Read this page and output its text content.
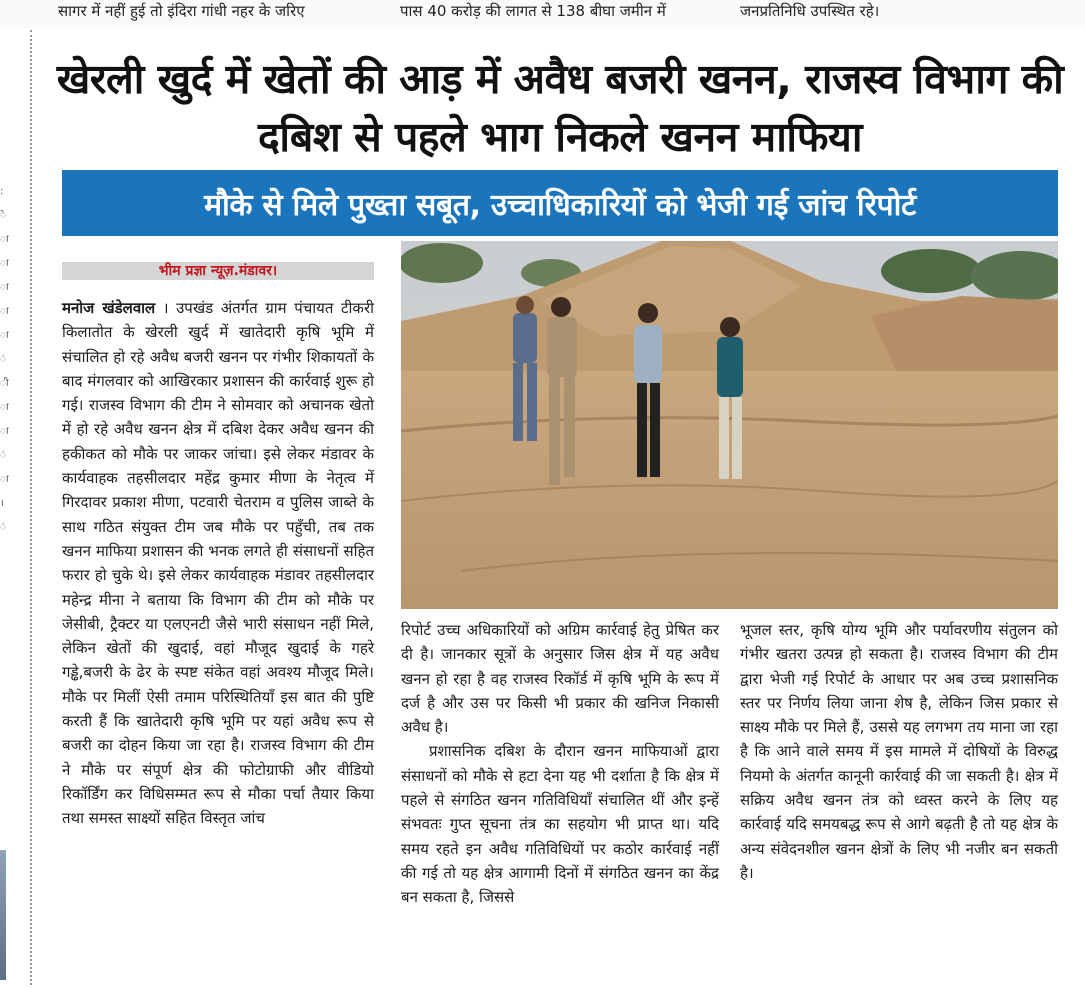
सागर में नहीं हुई तो इंदिरा गांधी नहर के जरिए	पास 40 करोड़ की लागत से 138 बीघा जमीन में	जनप्रतिनिधि उपस्थित रहे।
:
े
ा
ा
ा
ा
ा
ं
ी
ा
ा
ं
ा
।
ं
खेरली खुर्द में खेतों की आड़ में अवैध बजरी खनन, राजस्व विभाग की दबिश से पहले भाग निकले खनन माफिया
मौके से मिले पुख्ता सबूत, उच्चाधिकारियों को भेजी गई जांच रिपोर्ट
भीम प्रज्ञा न्यूज़.मंडावर।

मनोज खंडेलवाल । उपखंड अंतर्गत ग्राम पंचायत टीकरी किलातोत के खेरली खुर्द में खातेदारी कृषि भूमि में संचालित हो रहे अवैध बजरी खनन पर गंभीर शिकायतों के बाद मंगलवार को आखिरकार प्रशासन की कार्रवाई शुरू हो गई। राजस्व विभाग की टीम ने सोमवार को अचानक खेतो में हो रहे अवैध खनन क्षेत्र में दबिश देकर अवैध खनन की हकीकत को मौके पर जाकर जांचा। इसे लेकर मंडावर के कार्यवाहक तहसीलदार महेंद्र कुमार मीणा के नेतृत्व में गिरदावर प्रकाश मीणा, पटवारी चेतराम व पुलिस जाब्ते के साथ गठित संयुक्त टीम जब मौके पर पहुँची, तब तक खनन माफिया प्रशासन की भनक लगते ही संसाधनों सहित फरार हो चुके थे। इसे लेकर कार्यवाहक मंडावर तहसीलदार महेन्द्र मीना ने बताया कि विभाग की टीम को मौके पर जेसीबी, ट्रैक्टर या एलएनटी जैसे भारी संसाधन नहीं मिले, लेकिन खेतों की खुदाई, वहां मौजूद खुदाई के गहरे गड्ढे,बजरी के ढेर के स्पष्ट संकेत वहां अवश्य मौजूद मिले। मौके पर मिलीं ऐसी तमाम परिस्थितियाँ इस बात की पुष्टि करती हैं कि खातेदारी कृषि भूमि पर यहां अवैध रूप से बजरी का दोहन किया जा रहा है। राजस्व विभाग की टीम ने मौके पर संपूर्ण क्षेत्र की फोटोग्राफी और वीडियो रिकॉर्डिंग कर विधिसम्मत रूप से मौका पर्चा तैयार किया तथा समस्त साक्ष्यों सहित विस्तृत जांच

रिपोर्ट उच्च अधिकारियों को अग्रिम कार्रवाई हेतु प्रेषित कर दी है। जानकार सूत्रों के अनुसार जिस क्षेत्र में यह अवैध खनन हो रहा है वह राजस्व रिकॉर्ड में कृषि भूमि के रूप में दर्ज है और उस पर किसी भी प्रकार की खनिज निकासी अवैध है।

प्रशासनिक दबिश के दौरान खनन माफियाओं द्वारा संसाधनों को मौके से हटा देना यह भी दर्शाता है कि क्षेत्र में पहले से संगठित खनन गतिविधियाँ संचालित थीं और इन्हें संभवतः गुप्त सूचना तंत्र का सहयोग भी प्राप्त था। यदि समय रहते इन अवैध गतिविधियों पर कठोर कार्रवाई नहीं की गई तो यह क्षेत्र आगामी दिनों में संगठित खनन का केंद्र बन सकता है, जिससे

भूजल स्तर, कृषि योग्य भूमि और पर्यावरणीय संतुलन को गंभीर खतरा उत्पन्न हो सकता है। राजस्व विभाग की टीम द्वारा भेजी गई रिपोर्ट के आधार पर अब उच्च प्रशासनिक स्तर पर निर्णय लिया जाना शेष है, लेकिन जिस प्रकार से साक्ष्य मौके पर मिले हैं, उससे यह लगभग तय माना जा रहा है कि आने वाले समय में इस मामले में दोषियों के विरुद्ध नियमो के अंतर्गत कानूनी कार्रवाई की जा सकती है। क्षेत्र में सक्रिय अवैध खनन तंत्र को ध्वस्त करने के लिए यह कार्रवाई यदि समयबद्ध रूप से आगे बढ़ती है तो यह क्षेत्र के अन्य संवेदनशील खनन क्षेत्रों के लिए भी नजीर बन सकती है।
